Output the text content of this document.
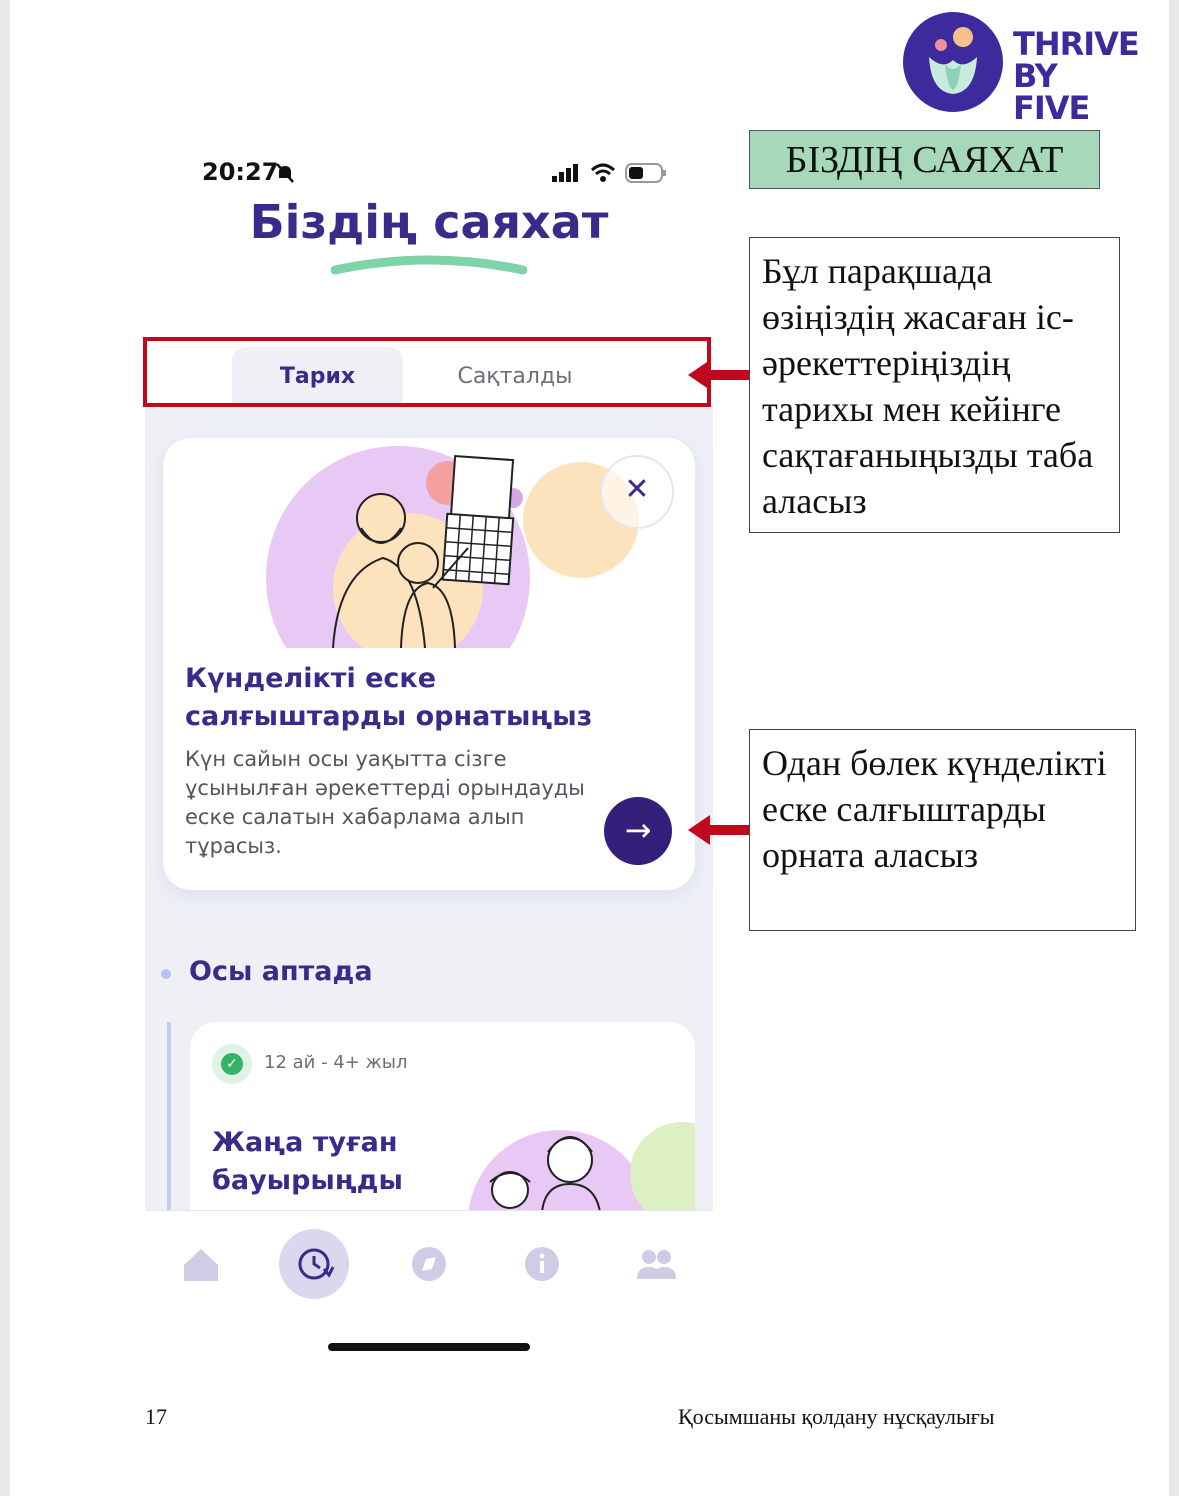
THRIVE
BY FIVE
20:27
Біздің саяхат
Тарих	Сақталды
✕
Күнделікті еске салғыштарды орнатыңыз
Күн сайын осы уақытта сізге ұсынылған әрекеттерді орындауды еске салатын хабарлама алып тұрасыз.	→
Осы аптада
✓ 12 ай - 4+ жыл
Жаңа туған бауырыңды
БІЗДІҢ САЯХАТ
Бұл парақшада өзіңіздің жасаған іс-әрекеттеріңіздің тарихы мен кейінге сақтағаныңызды таба аласыз
Одан бөлек күнделікті еске салғыштарды орната аласыз
17	Қосымшаны қолдану нұсқаулығы
